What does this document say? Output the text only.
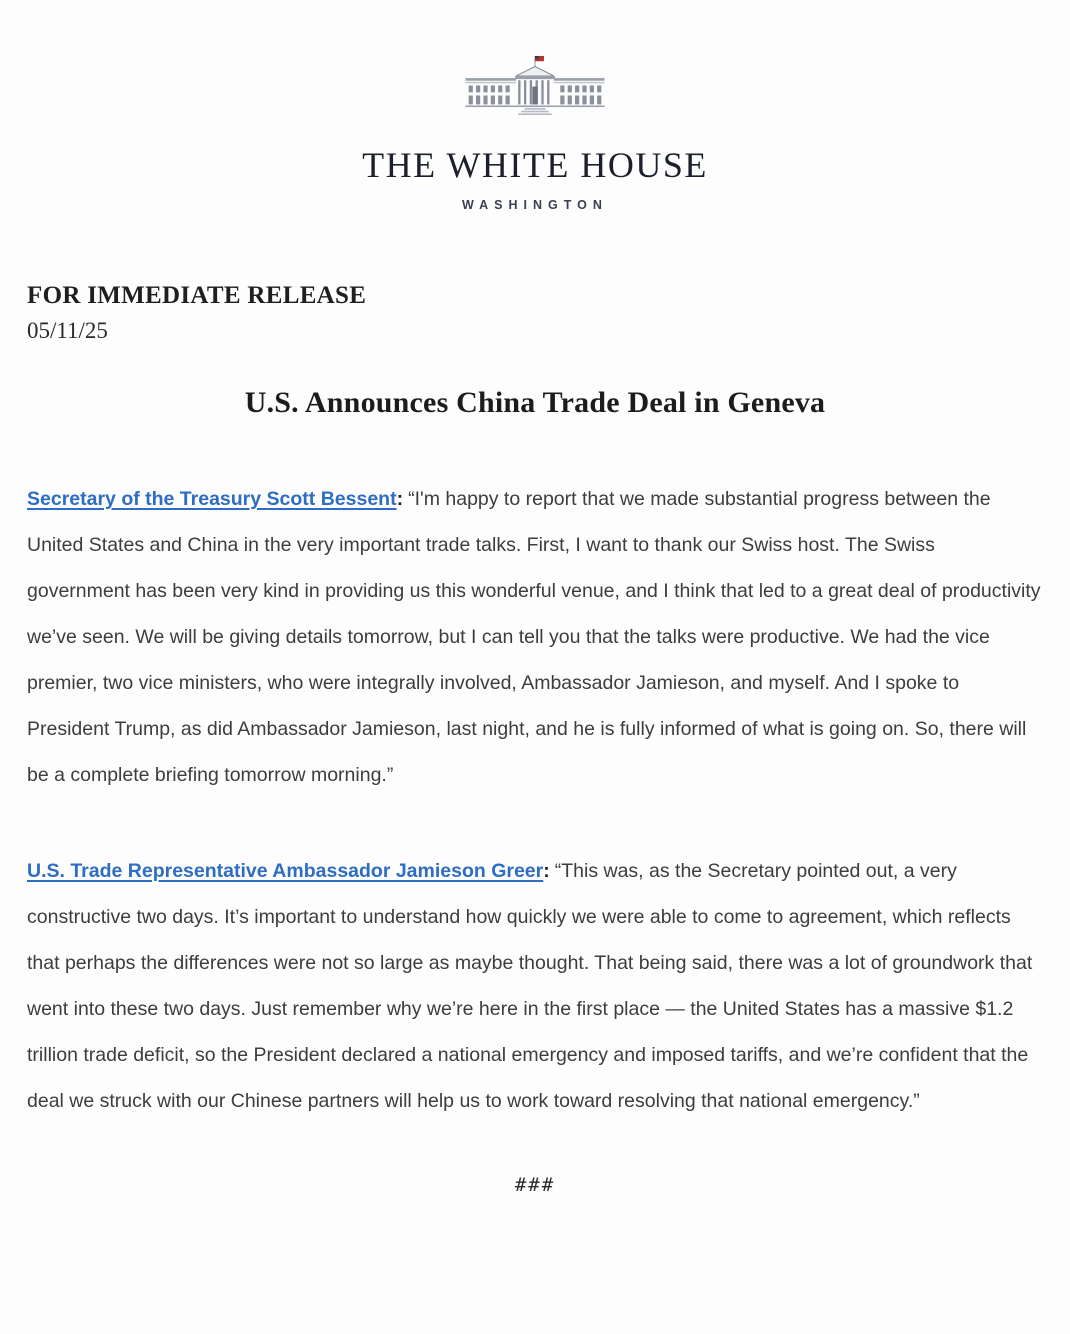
THE WHITE HOUSE
WASHINGTON
FOR IMMEDIATE RELEASE
05/11/25
U.S. Announces China Trade Deal in Geneva

Secretary of the Treasury Scott Bessent: “I'm happy to report that we made substantial progress between the United States and China in the very important trade talks. First, I want to thank our Swiss host. The Swiss government has been very kind in providing us this wonderful venue, and I think that led to a great deal of productivity we’ve seen. We will be giving details tomorrow, but I can tell you that the talks were productive. We had the vice premier, two vice ministers, who were integrally involved, Ambassador Jamieson, and myself. And I spoke to President Trump, as did Ambassador Jamieson, last night, and he is fully informed of what is going on. So, there will be a complete briefing tomorrow morning.”

U.S. Trade Representative Ambassador Jamieson Greer: “This was, as the Secretary pointed out, a very constructive two days. It’s important to understand how quickly we were able to come to agreement, which reflects that perhaps the differences were not so large as maybe thought. That being said, there was a lot of groundwork that went into these two days. Just remember why we’re here in the first place — the United States has a massive $1.2 trillion trade deficit, so the President declared a national emergency and imposed tariffs, and we’re confident that the deal we struck with our Chinese partners will help us to work toward resolving that national emergency.”

###
